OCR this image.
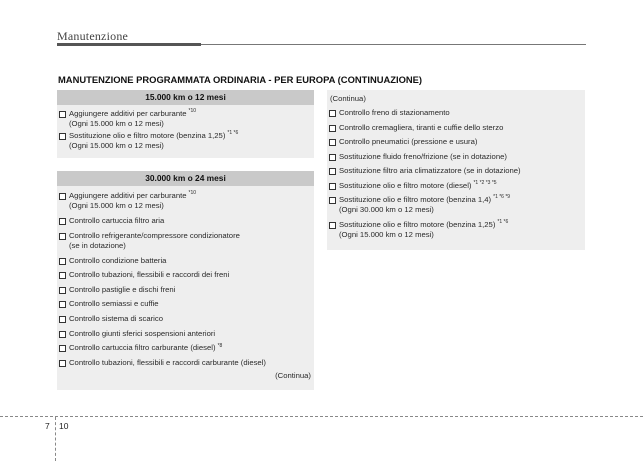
Manutenzione
MANUTENZIONE PROGRAMMATA ORDINARIA - PER EUROPA (CONTINUAZIONE)
15.000 km o 12 mesi
Aggiungere additivi per carburante $^{*10}$
(Ogni 15.000 km o 12 mesi)
Sostituzione olio e filtro motore (benzina 1,25) $^{*1 *6}$
(Ogni 15.000 km o 12 mesi)
30.000 km o 24 mesi
Aggiungere additivi per carburante $^{*10}$
(Ogni 15.000 km o 12 mesi)
Controllo cartuccia filtro aria
Controllo refrigerante/compressore condizionatore
(se in dotazione)
Controllo condizione batteria
Controllo tubazioni, flessibili e raccordi dei freni
Controllo pastiglie e dischi freni
Controllo semiassi e cuffie
Controllo sistema di scarico
Controllo giunti sferici sospensioni anteriori
Controllo cartuccia filtro carburante (diesel) $^{*8}$
Controllo tubazioni, flessibili e raccordi carburante (diesel)
(Continua)
(Continua)
Controllo freno di stazionamento
Controllo cremagliera, tiranti e cuffie dello sterzo
Controllo pneumatici (pressione e usura)
Sostituzione fluido freno/frizione (se in dotazione)
Sostituzione filtro aria climatizzatore (se in dotazione)
Sostituzione olio e filtro motore (diesel) $^{*1 *2 *3 *5}$
Sostituzione olio e filtro motore (benzina 1,4) $^{*1 *6 *9}$
(Ogni 30.000 km o 12 mesi)
Sostituzione olio e filtro motore (benzina 1,25) $^{*1 *6}$
(Ogni 15.000 km o 12 mesi)
7 10
